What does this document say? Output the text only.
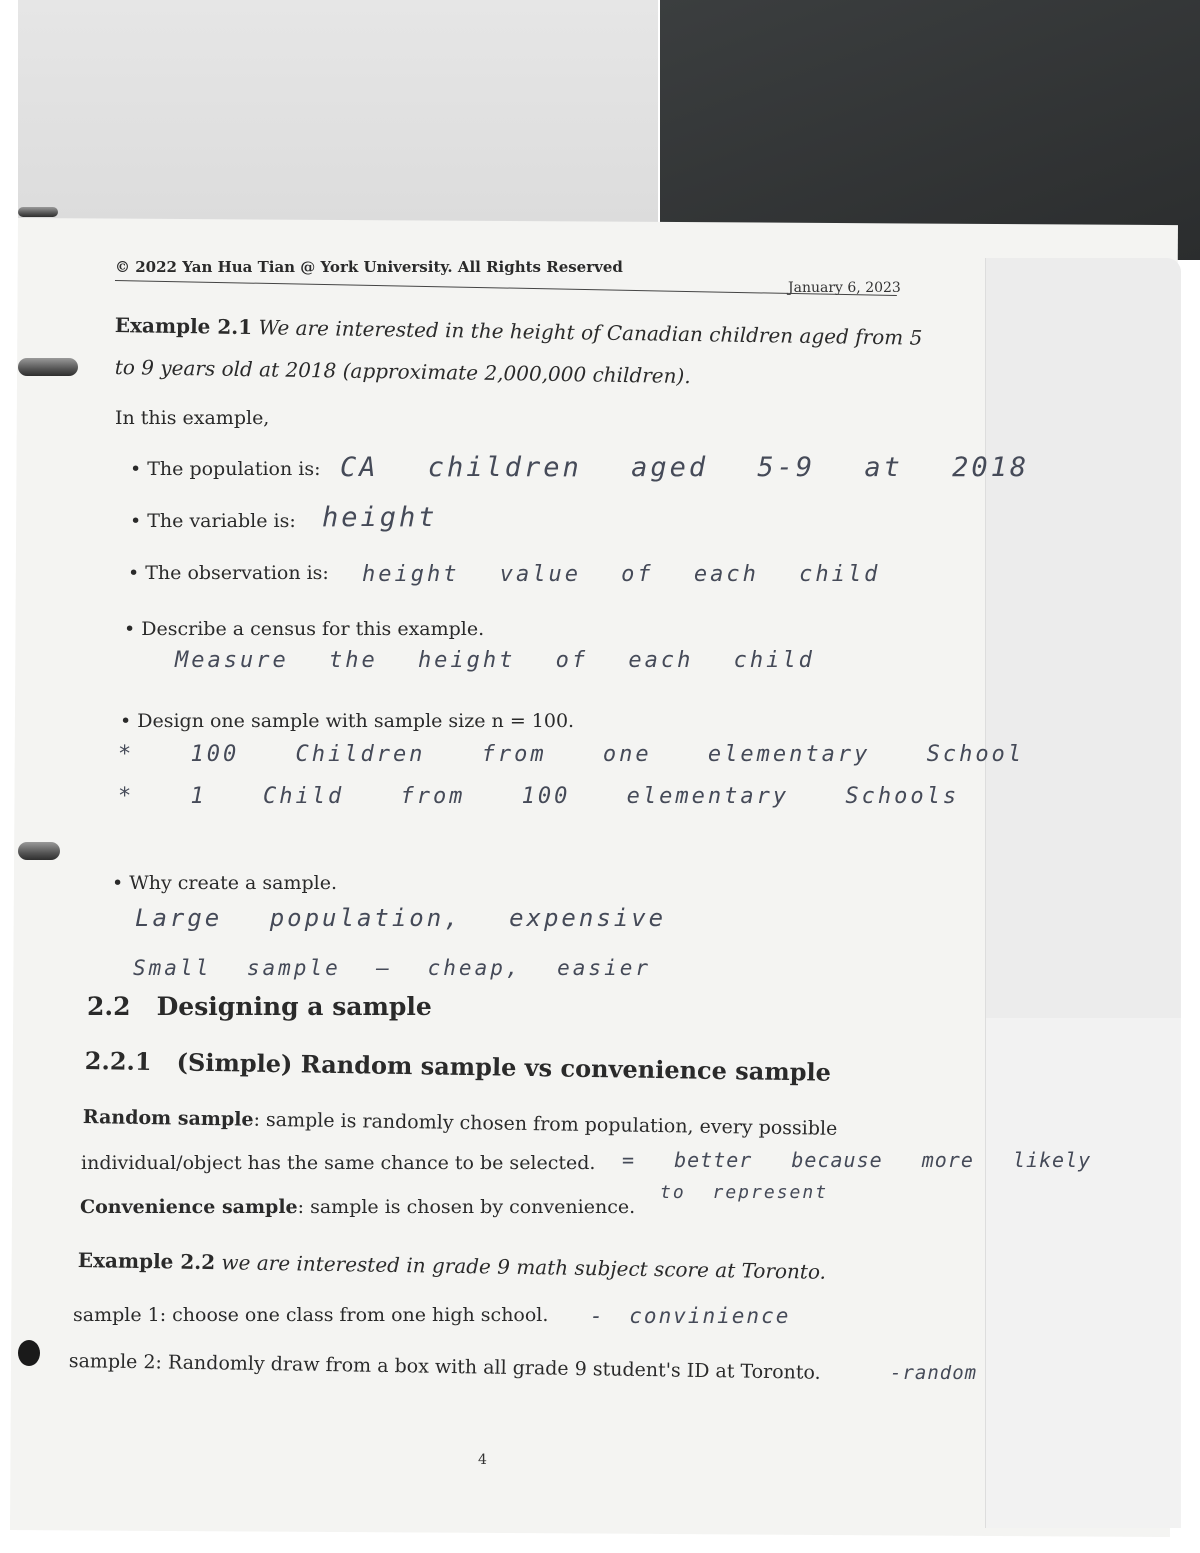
© 2022 Yan Hua Tian @ York University. All Rights Reserved
January 6, 2023
Example 2.1 We are interested in the height of Canadian children aged from 5
to 9 years old at 2018 (approximate 2,000,000 children).
In this example,
• The population is: CA children aged 5-9 at 2018
• The variable is: height
• The observation is: height value of each child
• Describe a census for this example.
Measure the height of each child
• Design one sample with sample size n = 100.
* 100 Children from one elementary School
* 1 Child from 100 elementary Schools
• Why create a sample.
Large population, expensive
Small sample — cheap, easier
2.2 Designing a sample
2.2.1 (Simple) Random sample vs convenience sample
Random sample: sample is randomly chosen from population, every possible
individual/object has the same chance to be selected. = better because more likely
to represent
Convenience sample: sample is chosen by convenience.
Example 2.2 we are interested in grade 9 math subject score at Toronto.
sample 1: choose one class from one high school. - convinience
sample 2: Randomly draw from a box with all grade 9 student's ID at Toronto.	-random
4
